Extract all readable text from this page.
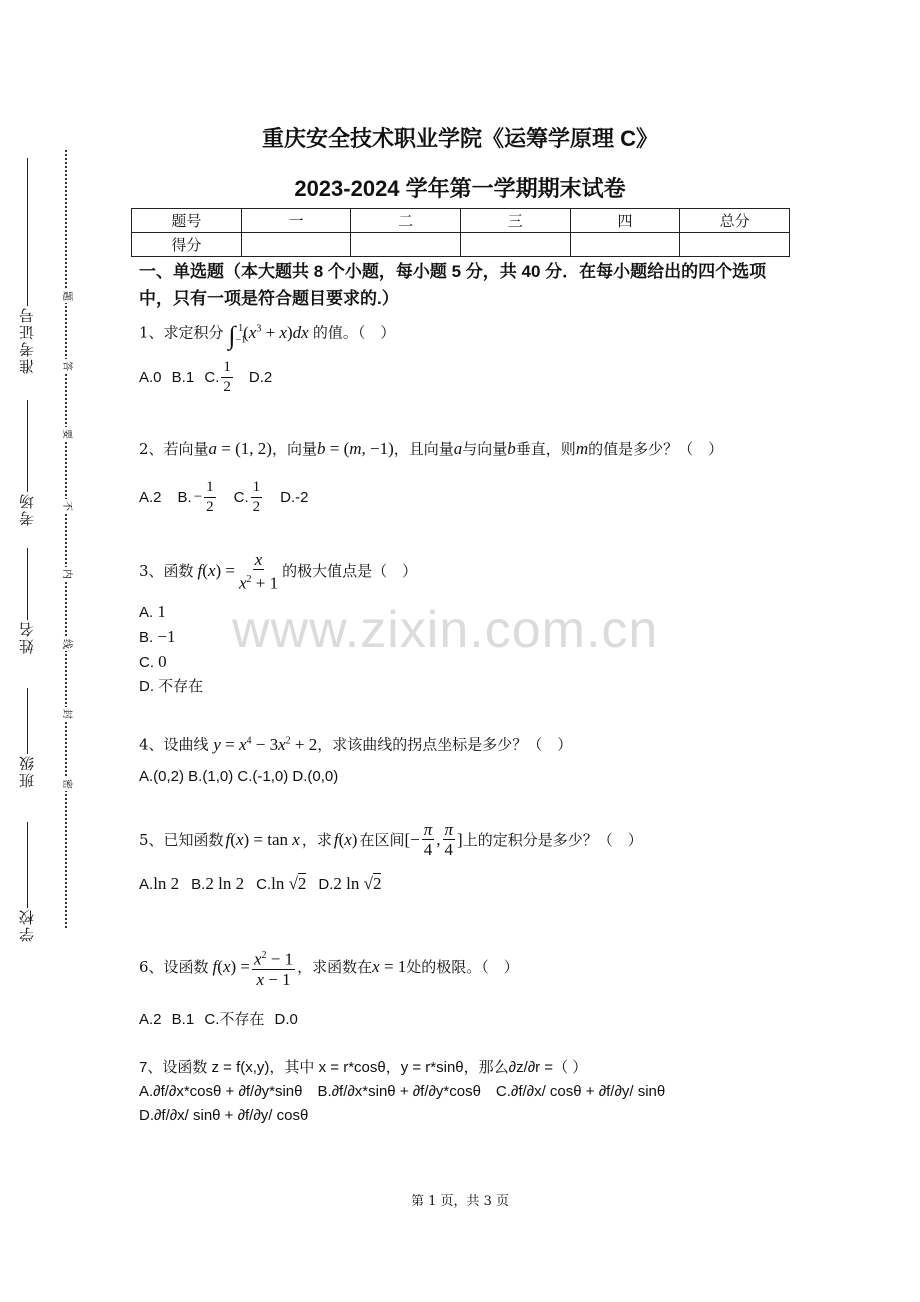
准考证号
考场
姓名
班级
学校
题
答
要
不
内
线
封
密
重庆安全技术职业学院《运筹学原理 C》
2023-2024 学年第一学期期末试卷
题号	一	二	三	四	总分
得分					
一、单选题（本大题共 8 个小题，每小题 5 分，共 40 分．在每小题给出的四个选项中，只有一项是符合题目要求的.）
1、求定积分 $\int_{-1}^1(x^3 + x)dx$ 的值。（　）
A.0 B.1 C. $\frac{1}{2} D.2$
2、若向量a = (1, 2)，向量b = (m, −1)，且向量a与向量b垂直，则m的值是多少？（　）
A.2 B. − $\frac{1}{2} C$. $\frac{1}{2} D.-2$
3、函数 $f(x) = \frac{x}{x^2 + 1}$ 的极大值点是（　）
A. 1
B. −1
C. 0
D. 不存在
www.zixin.com.cn
4、设曲线 $y = x^4 - 3x^2 + 2$，求该曲线的拐点坐标是多少？（　）
A.(0,2) B.(1,0) C.(-1,0) D.(0,0)
5、已知函数 f(x) = tan x ，求 f(x) 在区间 [− $\frac{\pi}{4}$ , $\frac{\pi}{4}$ ] 上的定积分是多少？（　）
A. ln 2 B. 2 ln 2 C. ln √2 D. 2 ln √2
6、设函数 $f(x) = \frac{x^2 - 1}{x - 1}$ ，求函数在 x = 1 处的极限。（　）
A.2 B.1 C.不存在 D.0
7、设函数 z = f(x,y)，其中 x = r*cosθ，y = r*sinθ，那么∂z/∂r =（ ）
A.∂f/∂x*cosθ + ∂f/∂y*sinθ　B.∂f/∂x*sinθ + ∂f/∂y*cosθ　C.∂f/∂x/ cosθ + ∂f/∂y/ sinθ
D.∂f/∂x/ sinθ + ∂f/∂y/ cosθ
第 1 页，共 3 页
